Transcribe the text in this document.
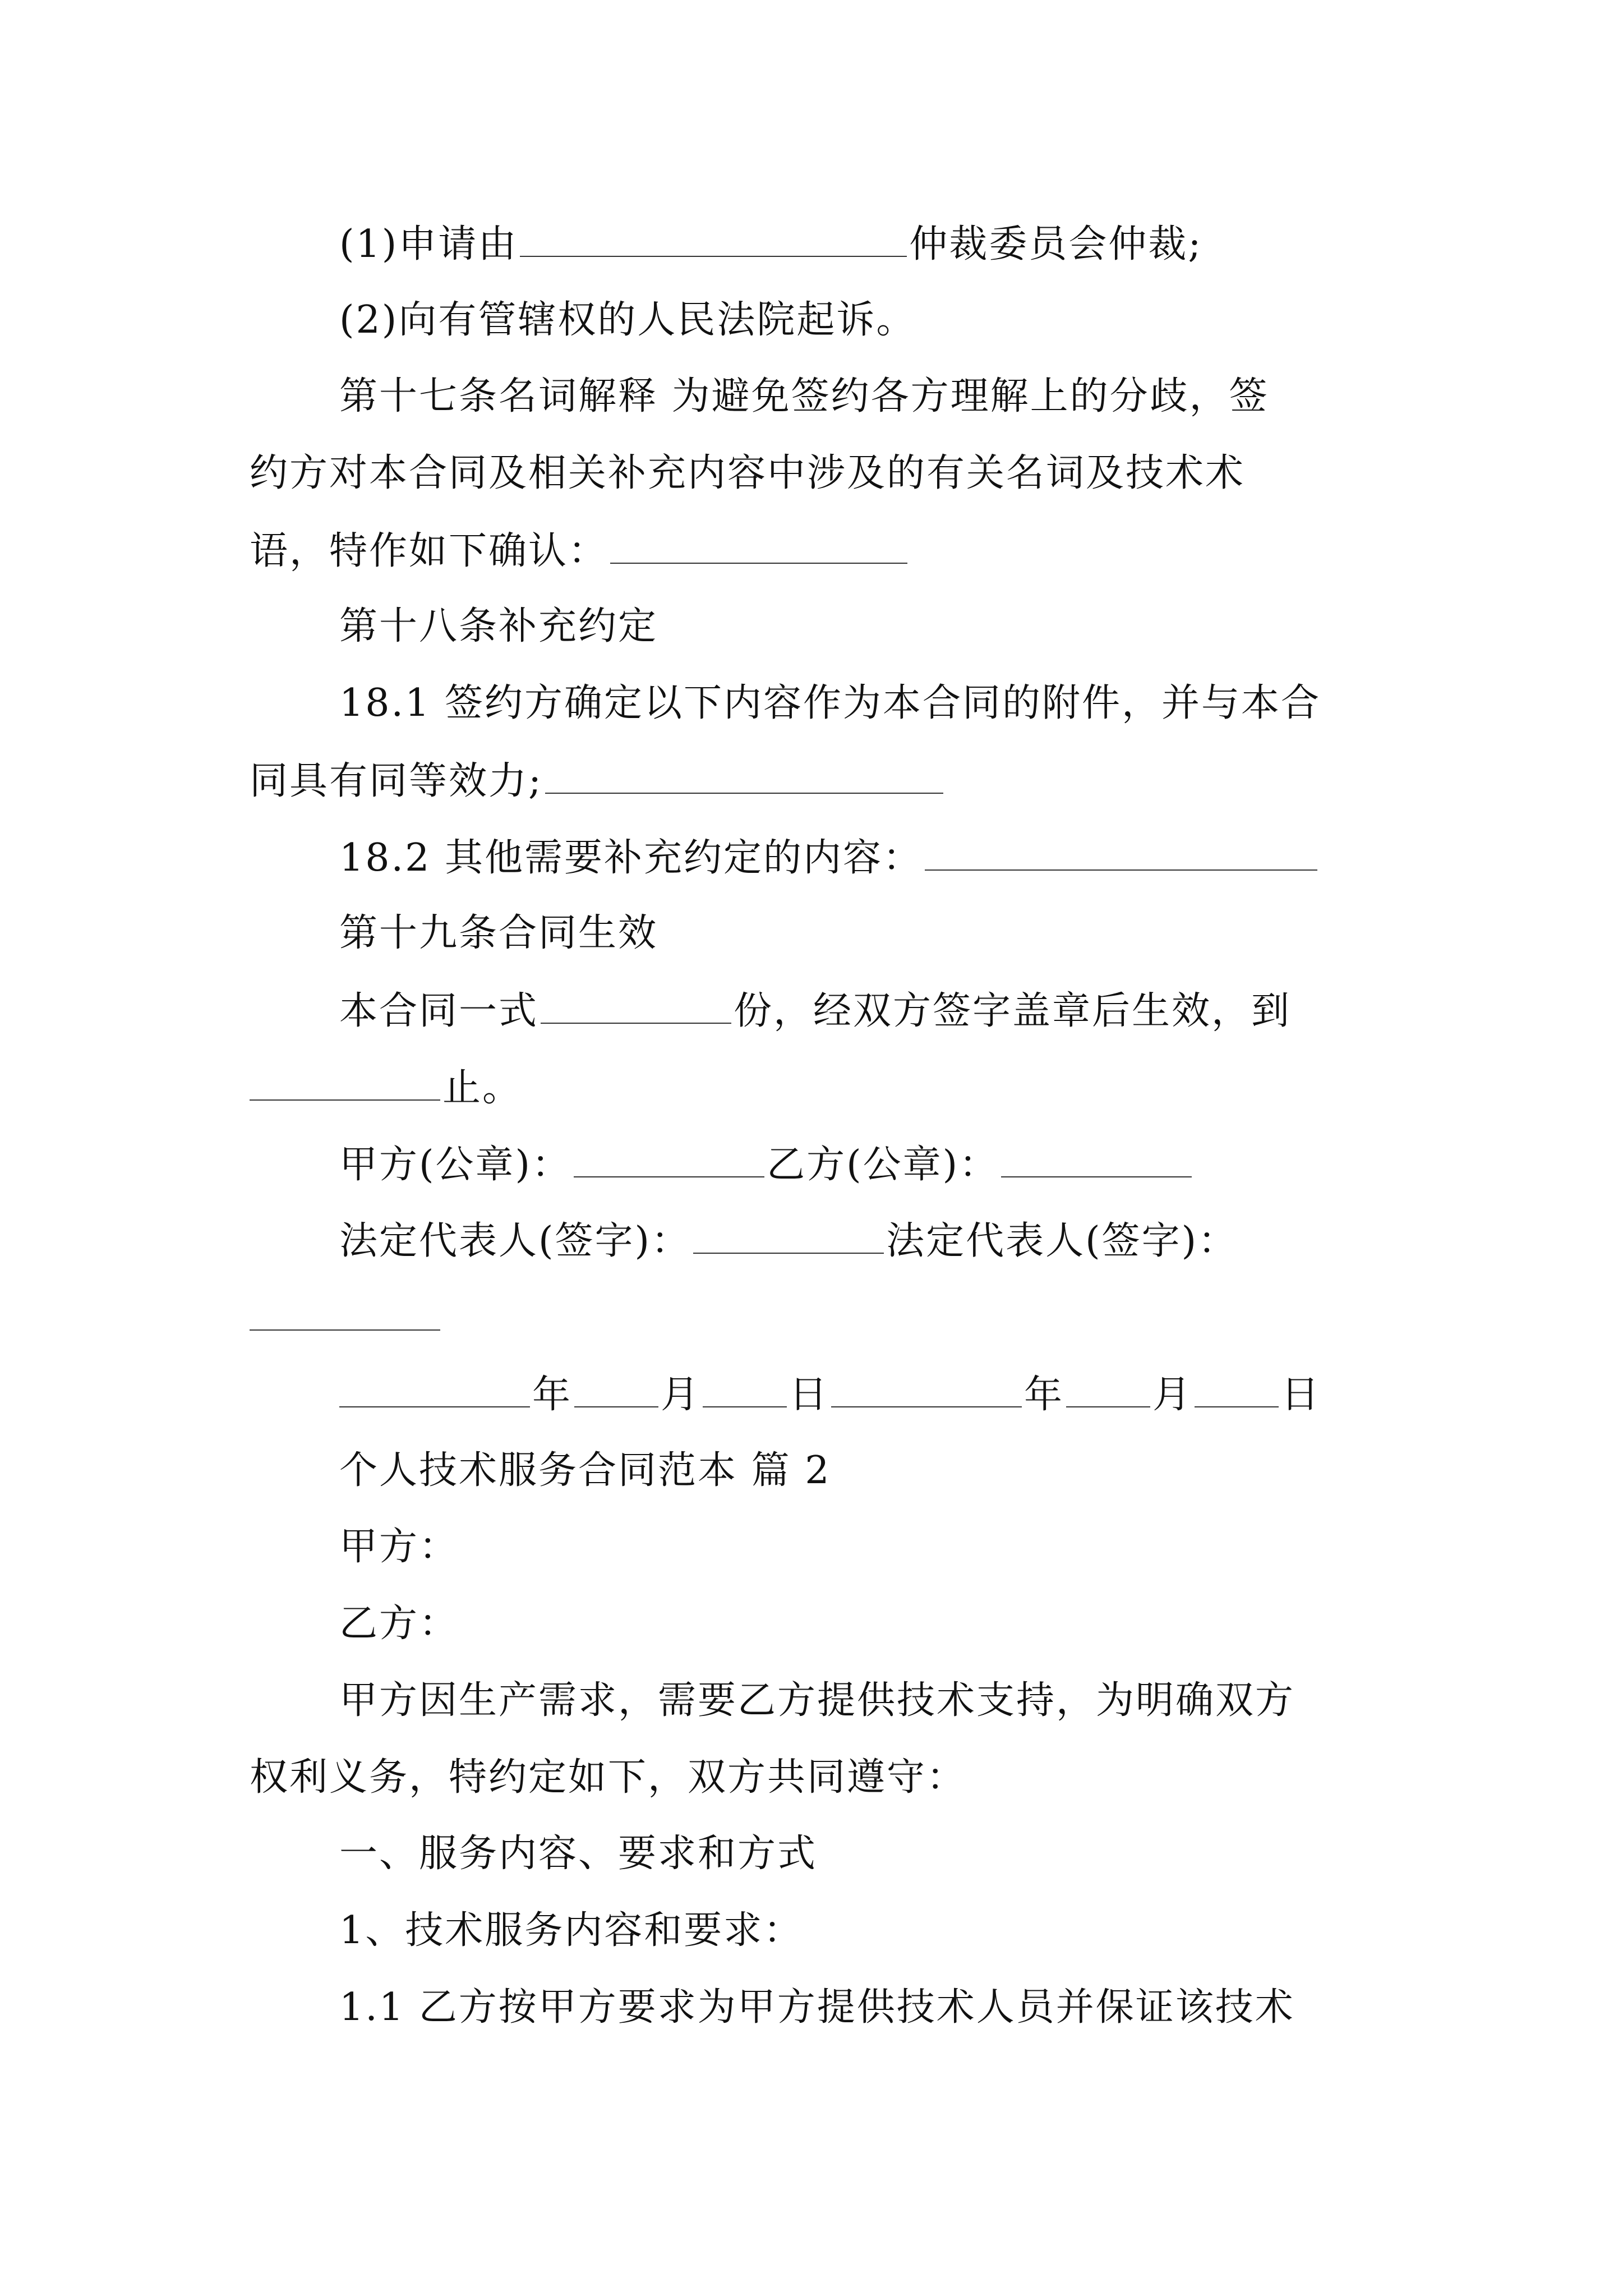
(1)申请由	仲裁委员会仲裁;
(2)向有管辖权的人民法院起诉。
第十七条名词解释 为避免签约各方理解上的分歧，签
约方对本合同及相关补充内容中涉及的有关名词及技术术
语，特作如下确认：
第十八条补充约定
18.1 签约方确定以下内容作为本合同的附件，并与本合
同具有同等效力;
18.2 其他需要补充约定的内容：
第十九条合同生效
本合同一式	份，经双方签字盖章后生效，到
止。
甲方(公章)：	乙方(公章)：
法定代表人(签字)：	法定代表人(签字)：
年 月 日	年 月 日
个人技术服务合同范本 篇 2
甲方：
乙方：
甲方因生产需求，需要乙方提供技术支持，为明确双方
权利义务，特约定如下，双方共同遵守：
一、服务内容、要求和方式
1、技术服务内容和要求：
1.1 乙方按甲方要求为甲方提供技术人员并保证该技术
